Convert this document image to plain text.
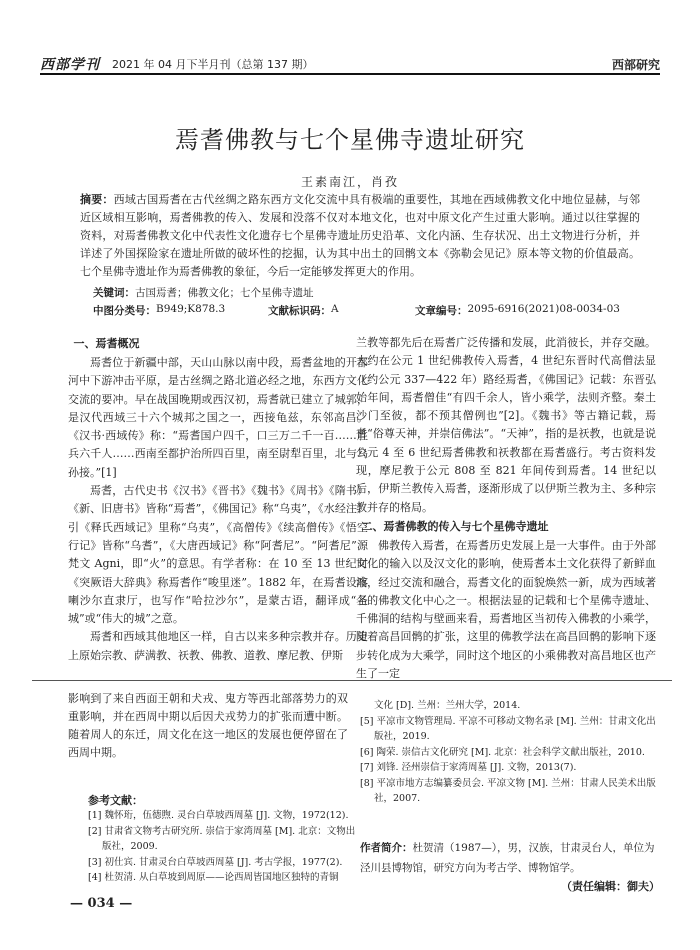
西部学刊 2021 年 04 月下半月刊（总第 137 期）	西部研究
焉耆佛教与七个星佛寺遗址研究
王素南江，肖孜
摘要：西域古国焉耆在古代丝绸之路东西方文化交流中具有极端的重要性，其地在西域佛教文化中地位显赫，与邻近区域相互影响，焉耆佛教的传入、发展和没落不仅对本地文化，也对中原文化产生过重大影响。通过以往掌握的资料，对焉耆佛教文化中代表性文化遗存七个星佛寺遗址历史沿革、文化内涵、生存状况、出土文物进行分析，并详述了外国探险家在遗址所做的破坏性的挖掘，认为其中出土的回鹘文本《弥勒会见记》原本等文物的价值最高。七个星佛寺遗址作为焉耆佛教的象征，今后一定能够发挥更大的作用。
关键词：古国焉耆；佛教文化；七个星佛寺遗址
中图分类号： B949;K878.3	文献标识码： A	文章编号： 2095-6916(2021)08-0034-03
一、焉耆概况

焉耆位于新疆中部，天山山脉以南中段，焉耆盆地的开都河中下游冲击平原，是古丝绸之路北道必经之地，东西方文化交流的要冲。早在战国晚期或西汉初，焉耆就已建立了城郭，是汉代西域三十六个城邦之国之一，西接龟兹，东邻高昌。《汉书·西域传》称：“焉耆国户四千，口三万二千一百……胜兵六千人……西南至都护治所四百里，南至尉犁百里，北与乌孙接。”[1]

焉耆，古代史书《汉书》《晋书》《魏书》《周书》《隋书》《新、旧唐书》皆称“焉耆”，《佛国记》称“乌夷”，《水经注》引《释氏西域记》里称“乌夷”，《高僧传》《续高僧传》《悟空行记》皆称“乌耆”，《大唐西域记》称“阿耆尼”。“阿耆尼”源梵文 Agni，即“火”的意思。有学者称：在 10 至 13 世纪时《突厥语大辞典》称焉耆作“唆里迷”。1882 年，在焉耆设喀喇沙尔直隶厅，也写作“哈拉沙尔”，是蒙古语，翻译成“圣城”或“伟大的城”之意。

焉耆和西域其他地区一样，自古以来多种宗教并存。历史上原始宗教、萨满教、祆教、佛教、道教、摩尼教、伊斯

兰教等都先后在焉耆广泛传播和发展，此消彼长，并存交融。大约在公元 1 世纪佛教传入焉耆，4 世纪东晋时代高僧法显（约公元 337—422 年）路经焉耆，《佛国记》记载：东晋弘始年间，焉耆僧佳“有四千余人，皆小乘学，法则齐整。秦土沙门至彼，都不预其僧例也”[2]。《魏书》等古籍记载，焉耆“俗尊天神，并崇信佛法”。“天神”，指的是祆教，也就是说公元 4 至 6 世纪焉耆佛教和祆教都在焉耆盛行。考古资料发现，摩尼教于公元 808 至 821 年间传到焉耆。14 世纪以后，伊斯兰教传入焉耆，逐渐形成了以伊斯兰教为主、多种宗教并存的格局。

二、焉耆佛教的传入与七个星佛寺遗址

佛教传入焉耆，在焉耆历史发展上是一大事件。由于外部文化的输入以及汉文化的影响，使焉耆本土文化获得了新鲜血液，经过交流和融合，焉耆文化的面貌焕然一新，成为西域著名的佛教文化中心之一。根据法显的记载和七个星佛寺遗址、千佛洞的结构与壁画来看，焉耆地区当初传入佛教的小乘学，随着高昌回鹘的扩张，这里的佛教学法在高昌回鹘的影响下逐步转化成为大乘学，同时这个地区的小乘佛教对高昌地区也产生了一定

影响到了来自西面王朝和犬戎、鬼方等西北部落势力的双重影响，并在西周中期以后因犬戎势力的扩张而遭中断。随着周人的东迁，周文化在这一地区的发展也便停留在了西周中期。

参考文献：
[1] 魏怀珩，伍德煦. 灵台白草坡西周墓 [J]. 文物，1972(12).
[2] 甘肃省文物考古研究所. 崇信于家湾周墓 [M]. 北京：文物出版社，2009.
[3] 初仕宾. 甘肃灵台白草坡西周墓 [J]. 考古学报，1977(2).
[4] 杜贺清. 从白草坡到周原——论西周皆国地区独特的青铜
文化 [D]. 兰州：兰州大学，2014.
[5] 平凉市文物管理局. 平凉不可移动文物名录 [M]. 兰州：甘肃文化出版社，2019.
[6] 陶荣. 崇信古文化研究 [M]. 北京：社会科学文献出版社，2010.
[7] 刘锋. 泾州崇信于家湾周墓 [J]. 文物，2013(7).
[8] 平凉市地方志编纂委员会. 平凉文物 [M]. 兰州：甘肃人民美术出版社，2007.
作者简介：杜贺清（1987—），男，汉族，甘肃灵台人，单位为泾川县博物馆，研究方向为考古学、博物馆学。
（责任编辑：御夫）
— 034 —
